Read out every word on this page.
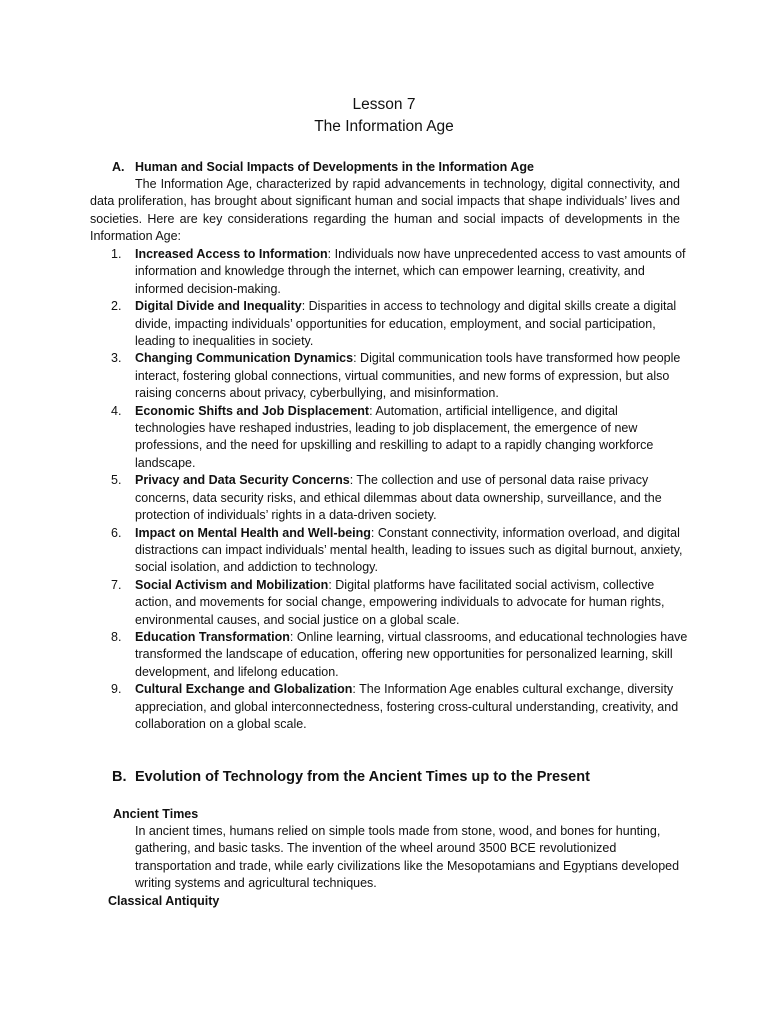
Lesson 7
The Information Age
A. Human and Social Impacts of Developments in the Information Age

The Information Age, characterized by rapid advancements in technology, digital connectivity, and data proliferation, has brought about significant human and social impacts that shape individuals’ lives and societies. Here are key considerations regarding the human and social impacts of developments in the Information Age:

1. Increased Access to Information: Individuals now have unprecedented access to vast amounts of information and knowledge through the internet, which can empower learning, creativity, and informed decision-making.
2. Digital Divide and Inequality: Disparities in access to technology and digital skills create a digital divide, impacting individuals’ opportunities for education, employment, and social participation, leading to inequalities in society.
3. Changing Communication Dynamics: Digital communication tools have transformed how people interact, fostering global connections, virtual communities, and new forms of expression, but also raising concerns about privacy, cyberbullying, and misinformation.
4. Economic Shifts and Job Displacement: Automation, artificial intelligence, and digital technologies have reshaped industries, leading to job displacement, the emergence of new professions, and the need for upskilling and reskilling to adapt to a rapidly changing workforce landscape.
5. Privacy and Data Security Concerns: The collection and use of personal data raise privacy concerns, data security risks, and ethical dilemmas about data ownership, surveillance, and the protection of individuals’ rights in a data-driven society.
6. Impact on Mental Health and Well-being: Constant connectivity, information overload, and digital distractions can impact individuals’ mental health, leading to issues such as digital burnout, anxiety, social isolation, and addiction to technology.
7. Social Activism and Mobilization: Digital platforms have facilitated social activism, collective action, and movements for social change, empowering individuals to advocate for human rights, environmental causes, and social justice on a global scale.
8. Education Transformation: Online learning, virtual classrooms, and educational technologies have transformed the landscape of education, offering new opportunities for personalized learning, skill development, and lifelong education.
9. Cultural Exchange and Globalization: The Information Age enables cultural exchange, diversity appreciation, and global interconnectedness, fostering cross-cultural understanding, creativity, and collaboration on a global scale.
B. Evolution of Technology from the Ancient Times up to the Present
Ancient Times

In ancient times, humans relied on simple tools made from stone, wood, and bones for hunting, gathering, and basic tasks. The invention of the wheel around 3500 BCE revolutionized transportation and trade, while early civilizations like the Mesopotamians and Egyptians developed writing systems and agricultural techniques.

Classical Antiquity
